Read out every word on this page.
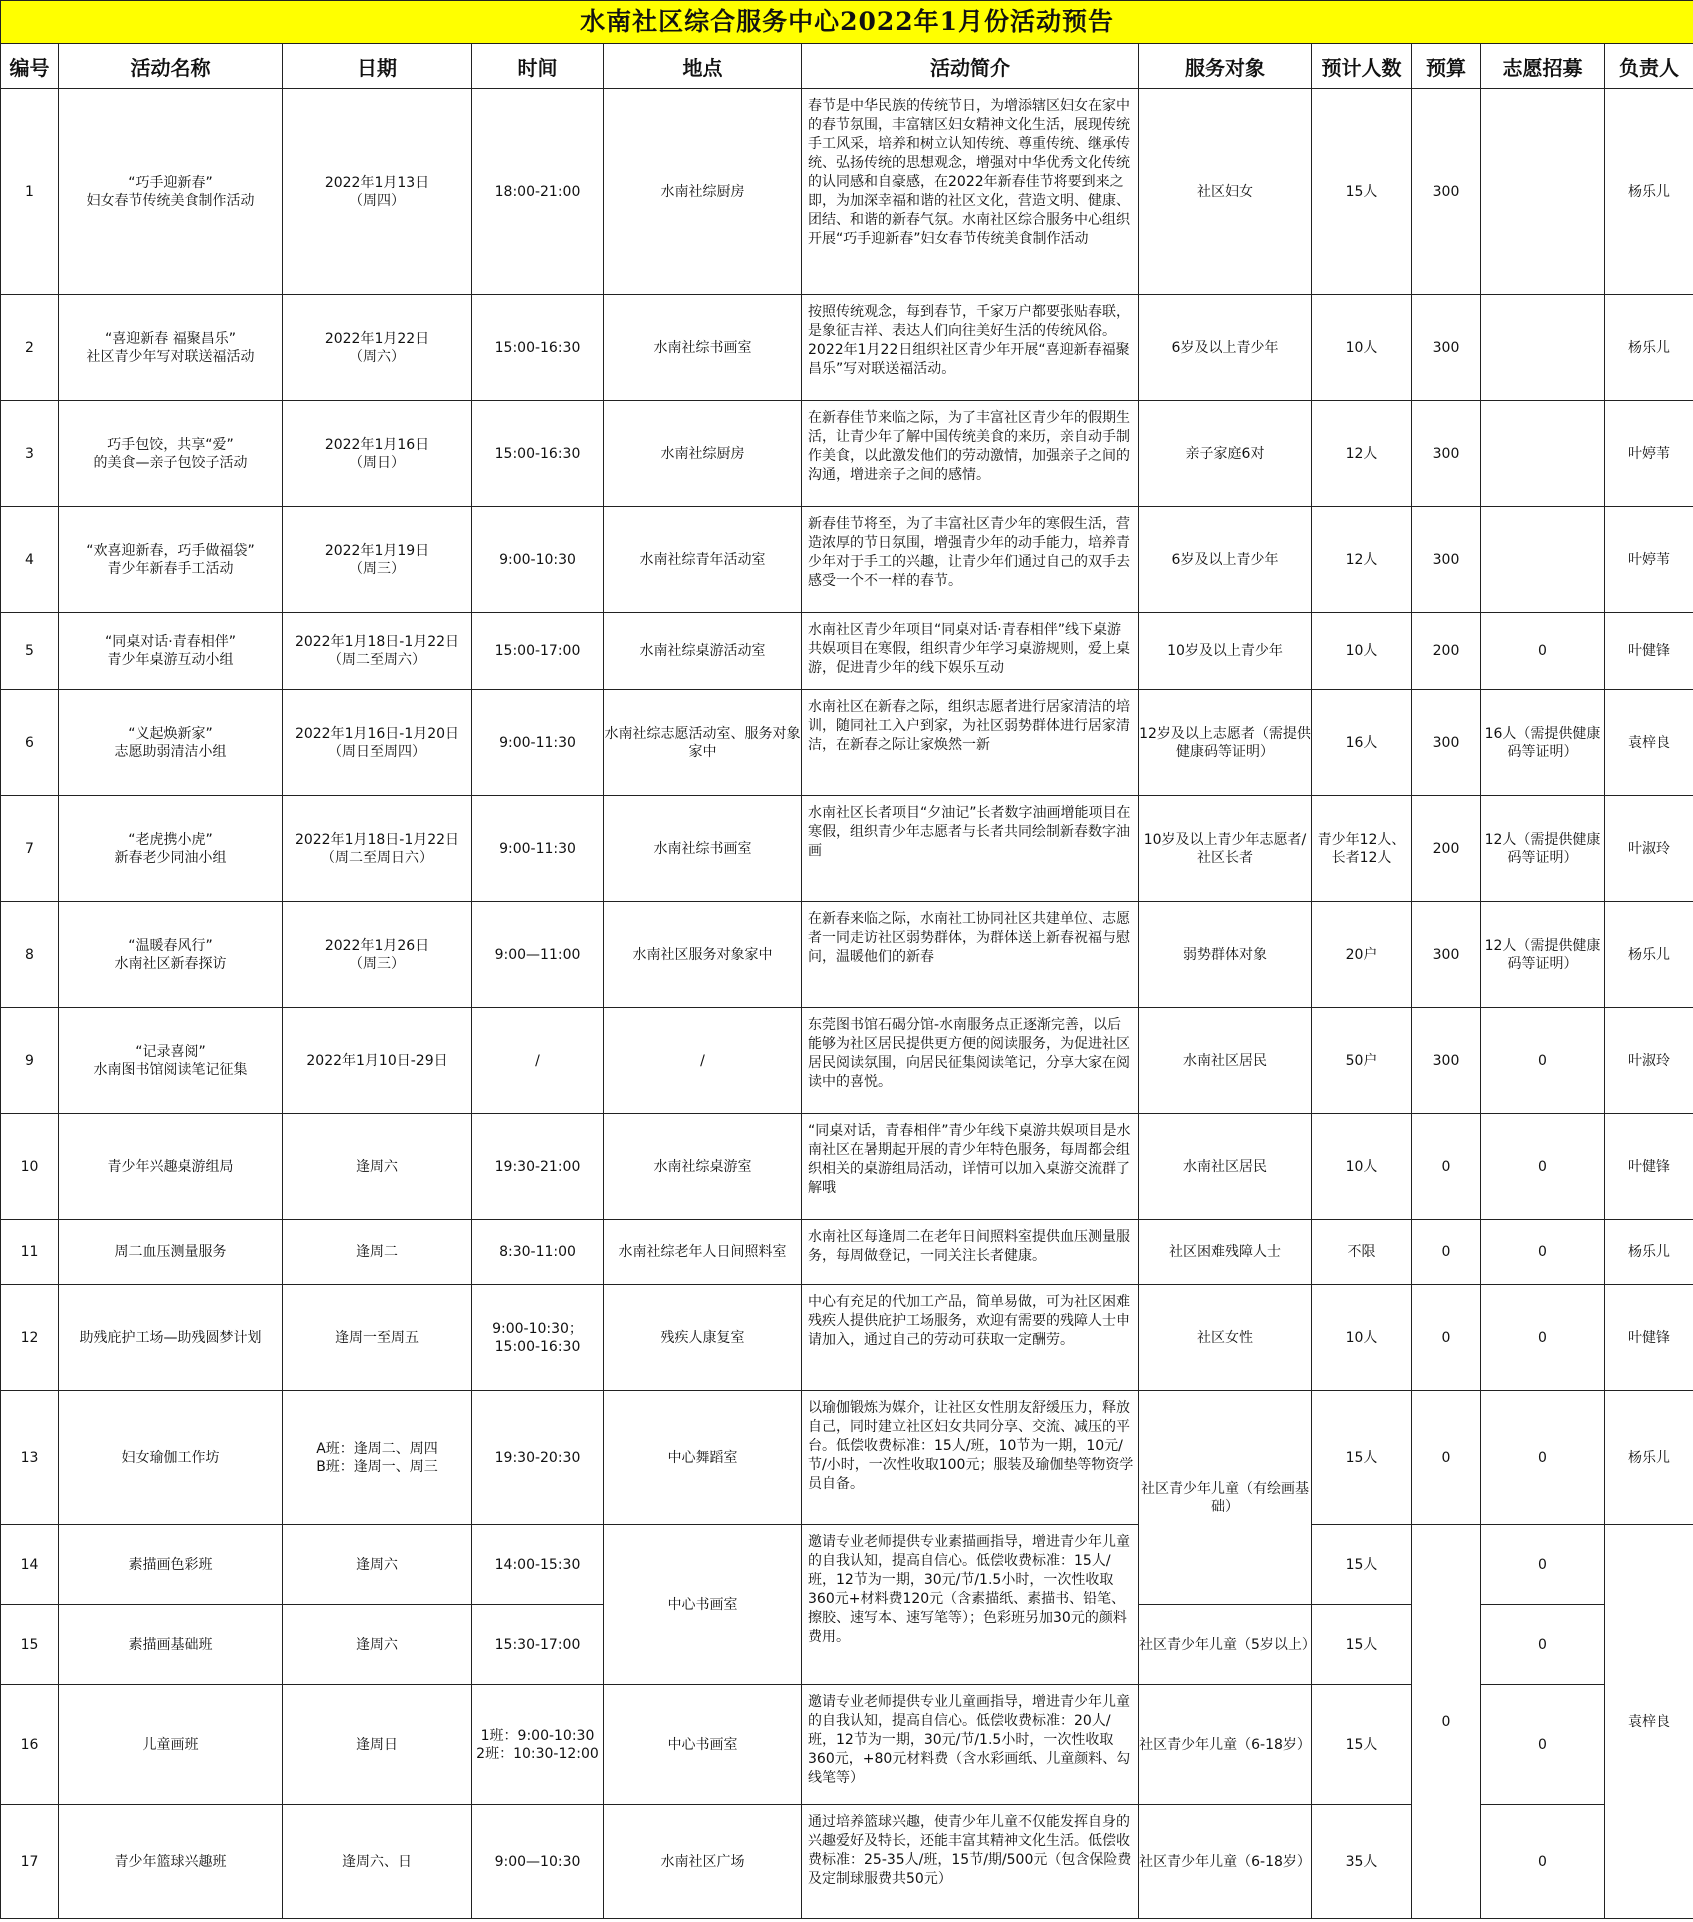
水南社区综合服务中心2022年1月份活动预告										
编号	活动名称	日期	时间	地点	活动简介	服务对象	预计人数	预算	志愿招募	负责人
1	“巧手迎新春”
妇女春节传统美食制作活动	2022年1月13日
（周四）	18:00-21:00	水南社综厨房	春节是中华民族的传统节日，为增添辖区妇女在家中的春节氛围，丰富辖区妇女精神文化生活，展现传统手工风采，培养和树立认知传统、尊重传统、继承传统、弘扬传统的思想观念，增强对中华优秀文化传统的认同感和自豪感，在2022年新春佳节将要到来之即，为加深幸福和谐的社区文化，营造文明、健康、团结、和谐的新春气氛。水南社区综合服务中心组织开展“巧手迎新春”妇女春节传统美食制作活动	社区妇女	15人	300		杨乐儿
2	“喜迎新春 福聚昌乐”
社区青少年写对联送福活动	2022年1月22日
（周六）	15:00-16:30	水南社综书画室	按照传统观念，每到春节，千家万户都要张贴春联，是象征吉祥、表达人们向往美好生活的传统风俗。2022年1月22日组织社区青少年开展“喜迎新春福聚昌乐”写对联送福活动。	6岁及以上青少年	10人	300		杨乐儿
3	巧手包饺，共享“爱”
的美食—亲子包饺子活动	2022年1月16日
（周日）	15:00-16:30	水南社综厨房	在新春佳节来临之际，为了丰富社区青少年的假期生活，让青少年了解中国传统美食的来历，亲自动手制作美食，以此激发他们的劳动激情，加强亲子之间的沟通，增进亲子之间的感情。	亲子家庭6对	12人	300		叶婷苇
4	“欢喜迎新春，巧手做福袋”
青少年新春手工活动	2022年1月19日
（周三）	9:00-10:30	水南社综青年活动室	新春佳节将至，为了丰富社区青少年的寒假生活，营造浓厚的节日氛围，增强青少年的动手能力，培养青少年对于手工的兴趣，让青少年们通过自己的双手去感受一个不一样的春节。	6岁及以上青少年	12人	300		叶婷苇
5	“同桌对话·青春相伴”
青少年桌游互动小组	2022年1月18日-1月22日
（周二至周六）	15:00-17:00	水南社综桌游活动室	水南社区青少年项目“同桌对话·青春相伴”线下桌游共娱项目在寒假，组织青少年学习桌游规则，爱上桌游，促进青少年的线下娱乐互动	10岁及以上青少年	10人	200	0	叶健锋
6	“义起焕新家”
志愿助弱清洁小组	2022年1月16日-1月20日
（周日至周四）	9:00-11:30	水南社综志愿活动室、服务对象家中	水南社区在新春之际，组织志愿者进行居家清洁的培训，随同社工入户到家，为社区弱势群体进行居家清洁，在新春之际让家焕然一新	12岁及以上志愿者（需提供健康码等证明）	16人	300	16人（需提供健康码等证明）	袁梓良
7	“老虎携小虎”
新春老少同油小组	2022年1月18日-1月22日
（周二至周日六）	9:00-11:30	水南社综书画室	水南社区长者项目“夕油记”长者数字油画增能项目在寒假，组织青少年志愿者与长者共同绘制新春数字油画	10岁及以上青少年志愿者/社区长者	青少年12人、长者12人	200	12人（需提供健康码等证明）	叶淑玲
8	“温暖春风行”
水南社区新春探访	2022年1月26日
（周三）	9:00—11:00	水南社区服务对象家中	在新春来临之际，水南社工协同社区共建单位、志愿者一同走访社区弱势群体，为群体送上新春祝福与慰问，温暖他们的新春	弱势群体对象	20户	300	12人（需提供健康码等证明）	杨乐儿
9	“记录喜阅”
水南图书馆阅读笔记征集	2022年1月10日-29日	/	/	东莞图书馆石碣分馆-水南服务点正逐渐完善，以后能够为社区居民提供更方便的阅读服务，为促进社区居民阅读氛围，向居民征集阅读笔记，分享大家在阅读中的喜悦。	水南社区居民	50户	300	0	叶淑玲
10	青少年兴趣桌游组局	逢周六	19:30-21:00	水南社综桌游室	“同桌对话，青春相伴”青少年线下桌游共娱项目是水南社区在暑期起开展的青少年特色服务，每周都会组织相关的桌游组局活动，详情可以加入桌游交流群了解哦	水南社区居民	10人	0	0	叶健锋
11	周二血压测量服务	逢周二	8:30-11:00	水南社综老年人日间照料室	水南社区每逢周二在老年日间照料室提供血压测量服务，每周做登记，一同关注长者健康。	社区困难残障人士	不限	0	0	杨乐儿
12	助残庇护工场—助残圆梦计划	逢周一至周五	9:00-10:30；
15:00-16:30	残疾人康复室	中心有充足的代加工产品，简单易做，可为社区困难残疾人提供庇护工场服务，欢迎有需要的残障人士申请加入，通过自己的劳动可获取一定酬劳。	社区女性	10人	0	0	叶健锋
13	妇女瑜伽工作坊	A班：逢周二、周四
B班：逢周一、周三	19:30-20:30	中心舞蹈室	以瑜伽锻炼为媒介，让社区女性朋友舒缓压力，释放自己，同时建立社区妇女共同分享、交流、减压的平台。低偿收费标准：15人/班，10节为一期，10元/节/小时，一次性收取100元；服装及瑜伽垫等物资学员自备。	社区青少年儿童（有绘画基础）	15人	0	0	杨乐儿
14	素描画色彩班	逢周六	14:00-15:30	中心书画室	邀请专业老师提供专业素描画指导，增进青少年儿童的自我认知，提高自信心。低偿收费标准：15人/班，12节为一期，30元/节/1.5小时，一次性收取360元+材料费120元（含素描纸、素描书、铅笔、擦胶、速写本、速写笔等）；色彩班另加30元的颜料费用。		15人	0	0	袁梓良
15	素描画基础班	逢周六	15:30-17:00			社区青少年儿童（5岁以上）	15人		0	
16	儿童画班	逢周日	1班：9:00-10:30
2班：10:30-12:00	中心书画室	邀请专业老师提供专业儿童画指导，增进青少年儿童的自我认知，提高自信心。低偿收费标准：20人/班，12节为一期，30元/节/1.5小时，一次性收取360元，+80元材料费（含水彩画纸、儿童颜料、勾线笔等）	社区青少年儿童（6-18岁）	15人		0	
17	青少年篮球兴趣班	逢周六、日	9:00—10:30	水南社区广场	通过培养篮球兴趣，使青少年儿童不仅能发挥自身的兴趣爱好及特长，还能丰富其精神文化生活。低偿收费标准：25-35人/班，15节/期/500元（包含保险费及定制球服费共50元）	社区青少年儿童（6-18岁）	35人		0	
